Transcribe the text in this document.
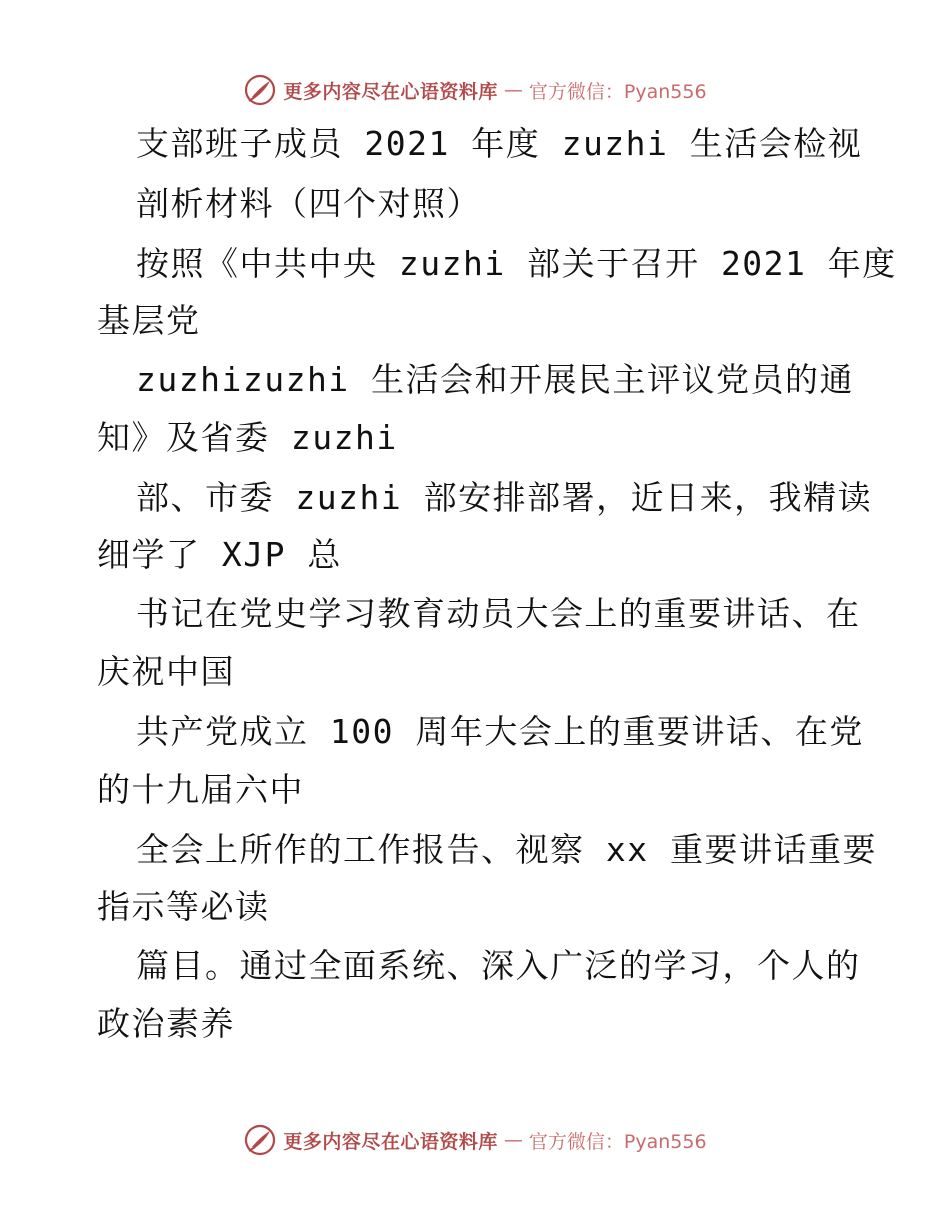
更多内容尽在心语资料库 — 官方微信：Pyan556
支部班子成员 2021 年度 zuzhi 生活会检视
剖析材料（四个对照）
按照《中共中央 zuzhi 部关于召开 2021 年度
基层党
zuzhizuzhi 生活会和开展民主评议党员的通
知》及省委 zuzhi
部、市委 zuzhi 部安排部署，近日来，我精读
细学了 XJP 总
书记在党史学习教育动员大会上的重要讲话、在
庆祝中国
共产党成立 100 周年大会上的重要讲话、在党
的十九届六中
全会上所作的工作报告、视察 xx 重要讲话重要
指示等必读
篇目。通过全面系统、深入广泛的学习，个人的
政治素养
更多内容尽在心语资料库 — 官方微信：Pyan556
